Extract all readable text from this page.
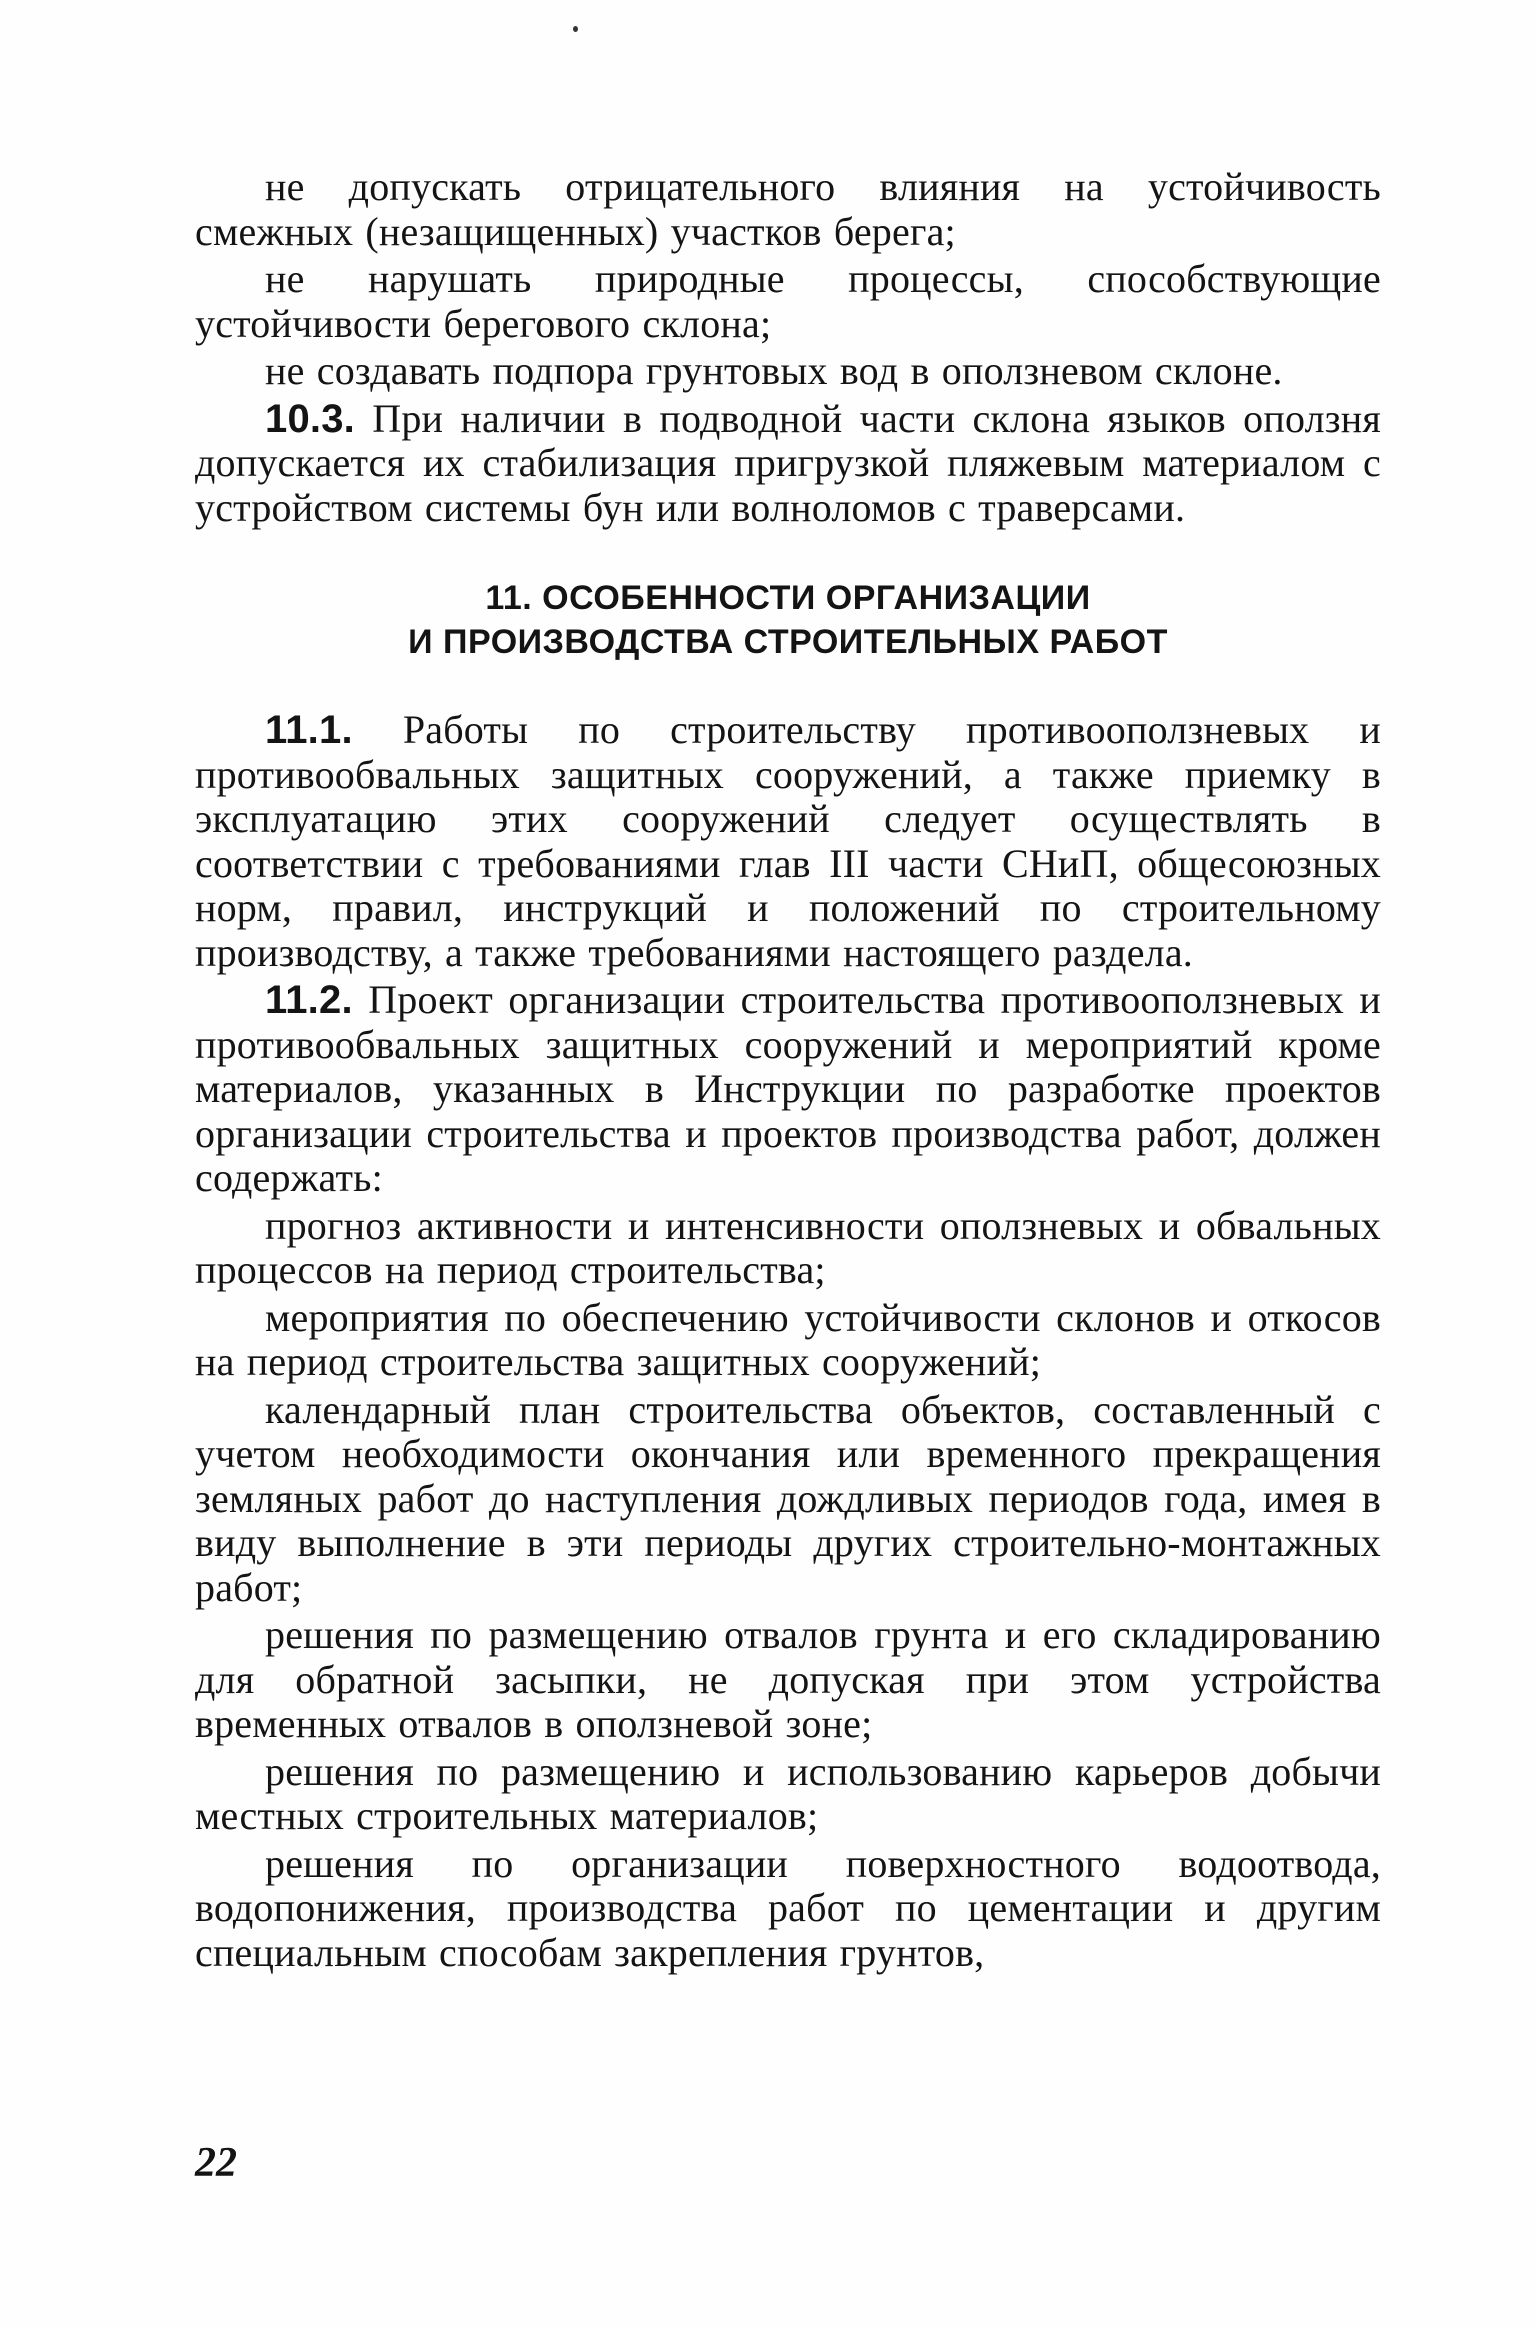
не допускать отрицательного влияния на устойчивость смежных (незащищенных) участков берега;

не нарушать природные процессы, способствующие устойчивости берегового склона;

не создавать подпора грунтовых вод в оползневом склоне.

10.3. При наличии в подводной части склона языков оползня допускается их стабилизация пригрузкой пляжевым материалом с устройством системы бун или волноломов с траверсами.

11. ОСОБЕННОСТИ ОРГАНИЗАЦИИ
И ПРОИЗВОДСТВА СТРОИТЕЛЬНЫХ РАБОТ

11.1. Работы по строительству противооползневых и противообвальных защитных сооружений, а также приемку в эксплуатацию этих сооружений следует осуществлять в соответствии с требованиями глав III части СНиП, общесоюзных норм, правил, инструкций и положений по строительному производству, а также требованиями настоящего раздела.

11.2. Проект организации строительства противооползневых и противообвальных защитных сооружений и мероприятий кроме материалов, указанных в Инструкции по разработке проектов организации строительства и проектов производства работ, должен содержать:

прогноз активности и интенсивности оползневых и обвальных процессов на период строительства;

мероприятия по обеспечению устойчивости склонов и откосов на период строительства защитных сооружений;

календарный план строительства объектов, составленный с учетом необходимости окончания или временного прекращения земляных работ до наступления дождливых периодов года, имея в виду выполнение в эти периоды других строительно-монтажных работ;

решения по размещению отвалов грунта и его складированию для обратной засыпки, не допуская при этом устройства временных отвалов в оползневой зоне;

решения по размещению и использованию карьеров добычи местных строительных материалов;

решения по организации поверхностного водоотвода, водопонижения, производства работ по цементации и другим специальным способам закрепления грунтов,

22
